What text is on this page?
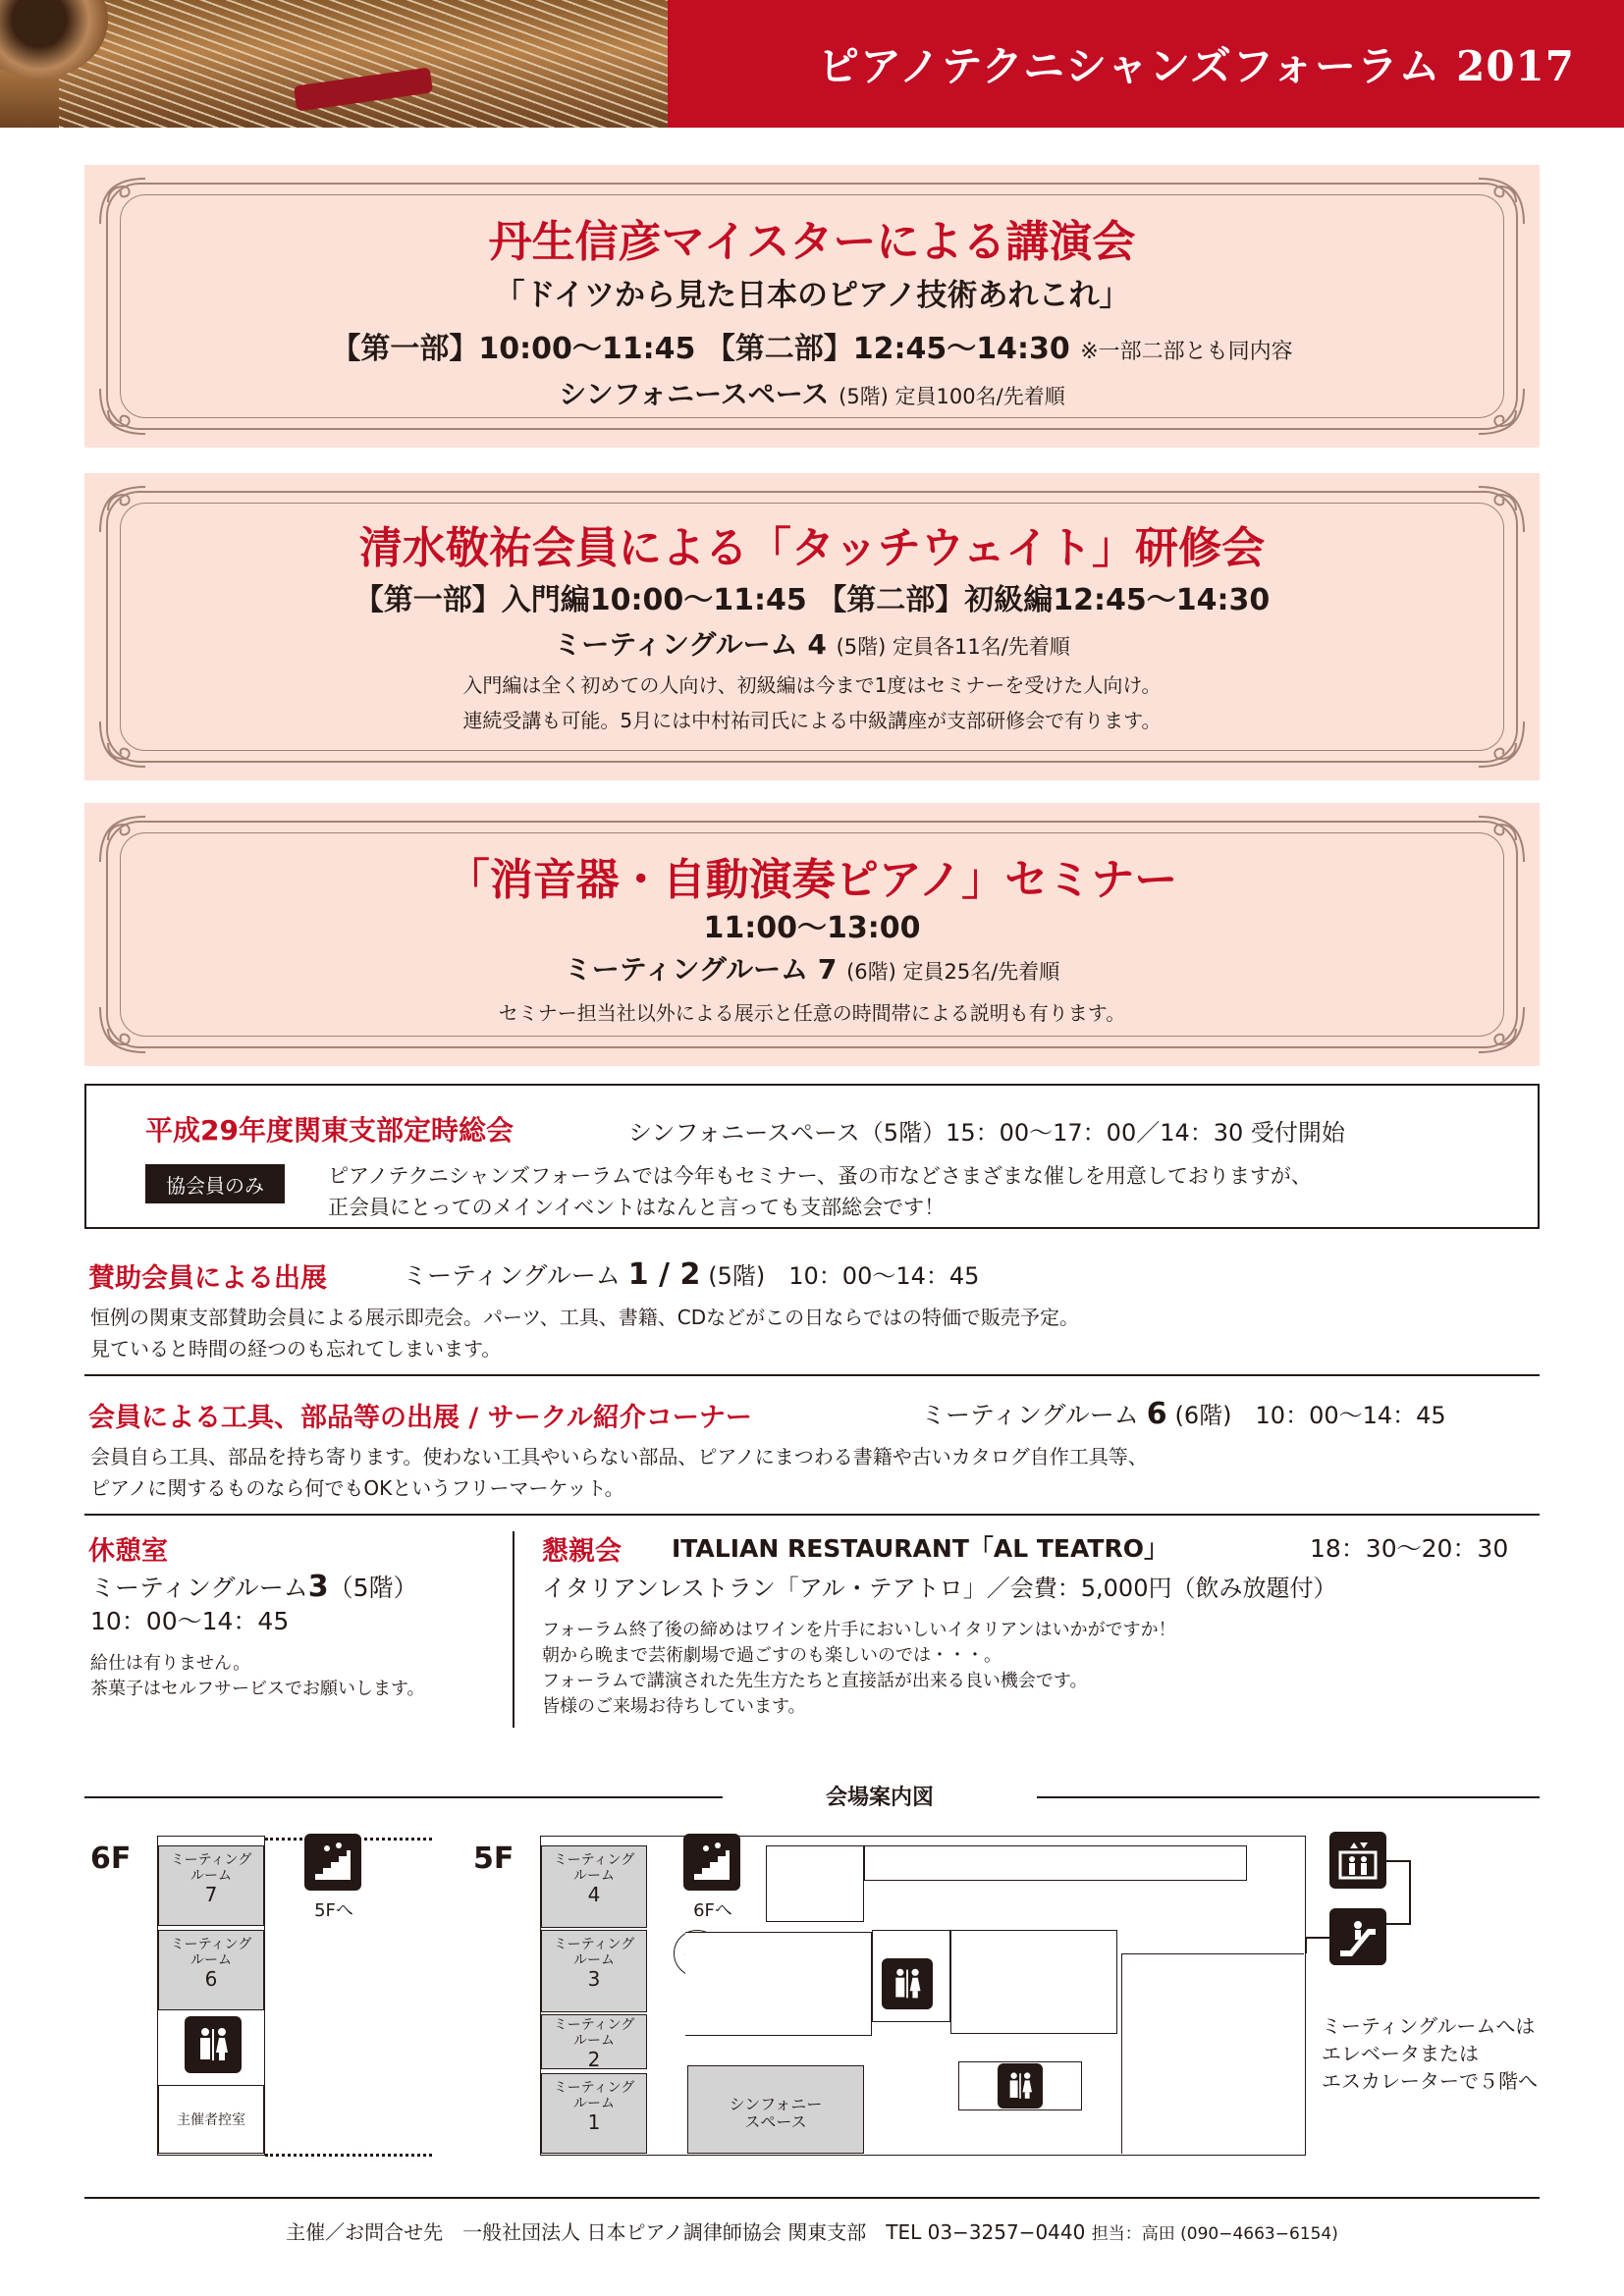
ピアノテクニシャンズフォーラム 2017
丹生信彦マイスターによる講演会
「ドイツから見た日本のピアノ技術あれこれ」
【第一部】10:00〜11:45 【第二部】12:45〜14:30 ※一部二部とも同内容
シンフォニースペース (5階) 定員100名/先着順
清水敬祐会員による「タッチウェイト」研修会
【第一部】入門編10:00〜11:45 【第二部】初級編12:45〜14:30
ミーティングルーム 4 (5階) 定員各11名/先着順
入門編は全く初めての人向け、初級編は今まで1度はセミナーを受けた人向け。
連続受講も可能。5月には中村祐司氏による中級講座が支部研修会で有ります。
「消音器・自動演奏ピアノ」セミナー
11:00〜13:00
ミーティングルーム 7 (6階) 定員25名/先着順
セミナー担当社以外による展示と任意の時間帯による説明も有ります。
平成29年度関東支部定時総会	シンフォニースペース（5階）15：00〜17：00／14：30 受付開始
協会員のみ	ピアノテクニシャンズフォーラムでは今年もセミナー、蚤の市などさまざまな催しを用意しておりますが、
正会員にとってのメインイベントはなんと言っても支部総会です！
賛助会員による出展	ミーティングルーム 1 / 2 (5階)　10：00〜14：45
恒例の関東支部賛助会員による展示即売会。パーツ、工具、書籍、CDなどがこの日ならではの特価で販売予定。
見ていると時間の経つのも忘れてしまいます。
会員による工具、部品等の出展 / サークル紹介コーナー	ミーティングルーム 6 (6階)　10：00〜14：45
会員自ら工具、部品を持ち寄ります。使わない工具やいらない部品、ピアノにまつわる書籍や古いカタログ自作工具等、
ピアノに関するものなら何でもOKというフリーマーケット。
休憩室
ミーティングルーム3（5階）
10：00〜14：45
給仕は有りません。
茶菓子はセルフサービスでお願いします。
懇親会 ITALIAN RESTAURANT「AL TEATRO」	18：30〜20：30
イタリアンレストラン「アル・テアトロ」／会費：5,000円（飲み放題付）
フォーラム終了後の締めはワインを片手においしいイタリアンはいかがですか！
朝から晩まで芸術劇場で過ごすのも楽しいのでは・・・。
フォーラムで講演された先生方たちと直接話が出来る良い機会です。
皆様のご来場お待ちしています。
会場案内図
6F	ミーティング
ルーム
7
ミーティング
ルーム
6
主催者控室
5Fへ
5F	ミーティング
ルーム
4
ミーティング
ルーム
3
ミーティング
ルーム
2
ミーティング
ルーム
1
6Fへ
シンフォニー
スペース
ミーティングルームへは
エレベータまたは
エスカレーターで５階へ
主催／お問合せ先　一般社団法人 日本ピアノ調律師協会 関東支部　TEL 03−3257−0440 担当：高田 (090−4663−6154)
